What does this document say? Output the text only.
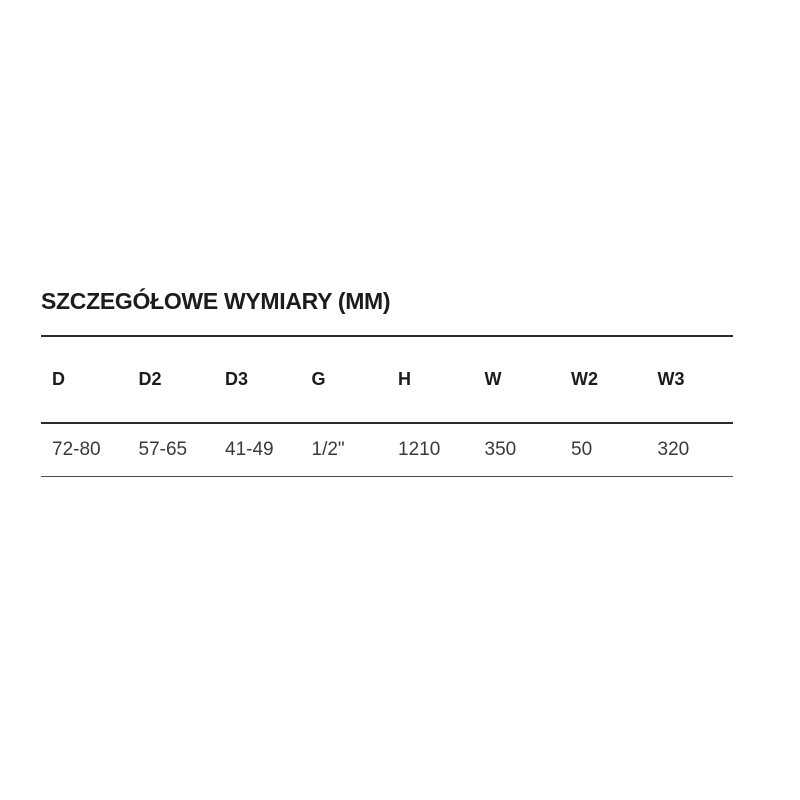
SZCZEGÓŁOWE WYMIARY (MM)
D	D2	D3	G	H	W	W2	W3
72-80	57-65	41-49	1/2"	1210	350	50	320
